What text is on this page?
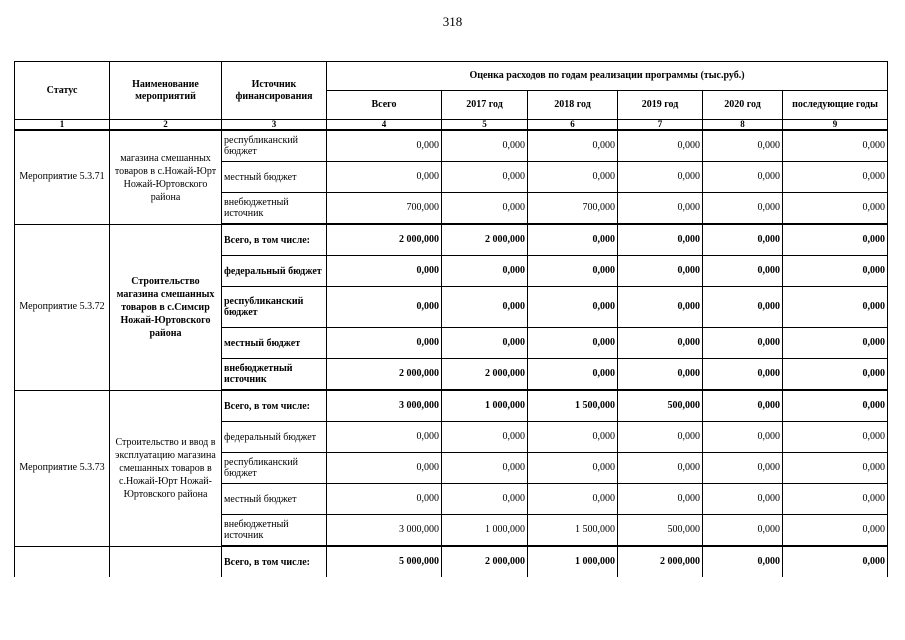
318
Статус	Наименование мероприятий	Источник финансирования	Оценка расходов по годам реализации программы (тыс.руб.)					
			Всего	2017 год	2018 год	2019 год	2020 год	последующие годы
1	2	3	4	5	6	7	8	9
Мероприятие 5.3.71	магазина смешанных товаров в с.Ножай-Юрт Ножай-Юртовского района	республиканский бюджет	0,000	0,000	0,000	0,000	0,000	0,000
		местный бюджет	0,000	0,000	0,000	0,000	0,000	0,000
		внебюджетный источник	700,000	0,000	700,000	0,000	0,000	0,000
Мероприятие 5.3.72	Строительство магазина смешанных товаров в с.Симсир Ножай-Юртовского района	Всего, в том числе:	2 000,000	2 000,000	0,000	0,000	0,000	0,000
		федеральный бюджет	0,000	0,000	0,000	0,000	0,000	0,000
		республиканский бюджет	0,000	0,000	0,000	0,000	0,000	0,000
		местный бюджет	0,000	0,000	0,000	0,000	0,000	0,000
		внебюджетный источник	2 000,000	2 000,000	0,000	0,000	0,000	0,000
Мероприятие 5.3.73	Строительство и ввод в эксплуатацию магазина смешанных товаров в с.Ножай-Юрт Ножай-Юртовского района	Всего, в том числе:	3 000,000	1 000,000	1 500,000	500,000	0,000	0,000
		федеральный бюджет	0,000	0,000	0,000	0,000	0,000	0,000
		республиканский бюджет	0,000	0,000	0,000	0,000	0,000	0,000
		местный бюджет	0,000	0,000	0,000	0,000	0,000	0,000
		внебюджетный источник	3 000,000	1 000,000	1 500,000	500,000	0,000	0,000
		Всего, в том числе:	5 000,000	2 000,000	1 000,000	2 000,000	0,000	0,000
